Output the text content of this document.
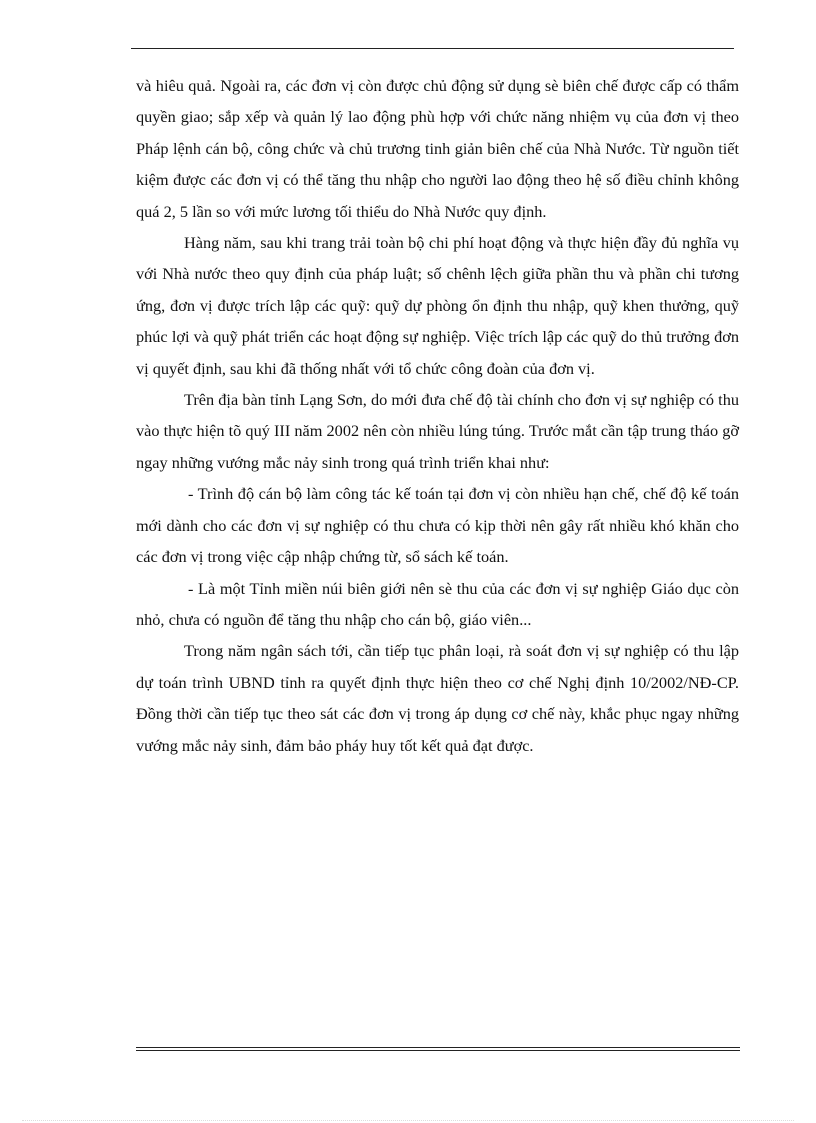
và hiêu quả. Ngoài ra, các đơn vị còn được chủ động sử dụng sè biên chế được cấp có thẩm quyền giao; sắp xếp và quản lý lao động phù hợp với chức năng nhiệm vụ của đơn vị theo Pháp lệnh cán bộ, công chức và chủ trương tinh giản biên chế của Nhà Nước. Từ nguồn tiết kiệm được các đơn vị có thể tăng thu nhập cho người lao động theo hệ số điều chỉnh không quá 2, 5 lần so với mức lương tối thiểu do Nhà Nước quy định.

Hàng năm, sau khi trang trải toàn bộ chi phí hoạt động và thực hiện đầy đủ nghĩa vụ với Nhà nước theo quy định của pháp luật; số chênh lệch giữa phần thu và phần chi tương ứng, đơn vị được trích lập các quỹ: quỹ dự phòng ổn định thu nhập, quỹ khen thưởng, quỹ phúc lợi và quỹ phát triển các hoạt động sự nghiệp. Việc trích lập các quỹ do thủ trưởng đơn vị quyết định, sau khi đã thống nhất với tổ chức công đoàn của đơn vị.

Trên địa bàn tỉnh Lạng Sơn, do mới đưa chế độ tài chính cho đơn vị sự nghiệp có thu vào thực hiện tõ quý III năm 2002 nên còn nhiều lúng túng. Trước mắt cần tập trung tháo gỡ ngay những vướng mắc nảy sinh trong quá trình triển khai như:

- Trình độ cán bộ làm công tác kế toán tại đơn vị còn nhiều hạn chế, chế độ kế toán mới dành cho các đơn vị sự nghiệp có thu chưa có kịp thời nên gây rất nhiều khó khăn cho các đơn vị trong việc cập nhập chứng từ, sổ sách kế toán.

- Là một Tỉnh miền núi biên giới nên sè thu của các đơn vị sự nghiệp Giáo dục còn nhỏ, chưa có nguồn để tăng thu nhập cho cán bộ, giáo viên...

Trong năm ngân sách tới, cần tiếp tục phân loại, rà soát đơn vị sự nghiệp có thu lập dự toán trình UBND tỉnh ra quyết định thực hiện theo cơ chế Nghị định 10/2002/NĐ-CP. Đồng thời cần tiếp tục theo sát các đơn vị trong áp dụng cơ chế này, khắc phục ngay những vướng mắc nảy sinh, đảm bảo pháy huy tốt kết quả đạt được.
